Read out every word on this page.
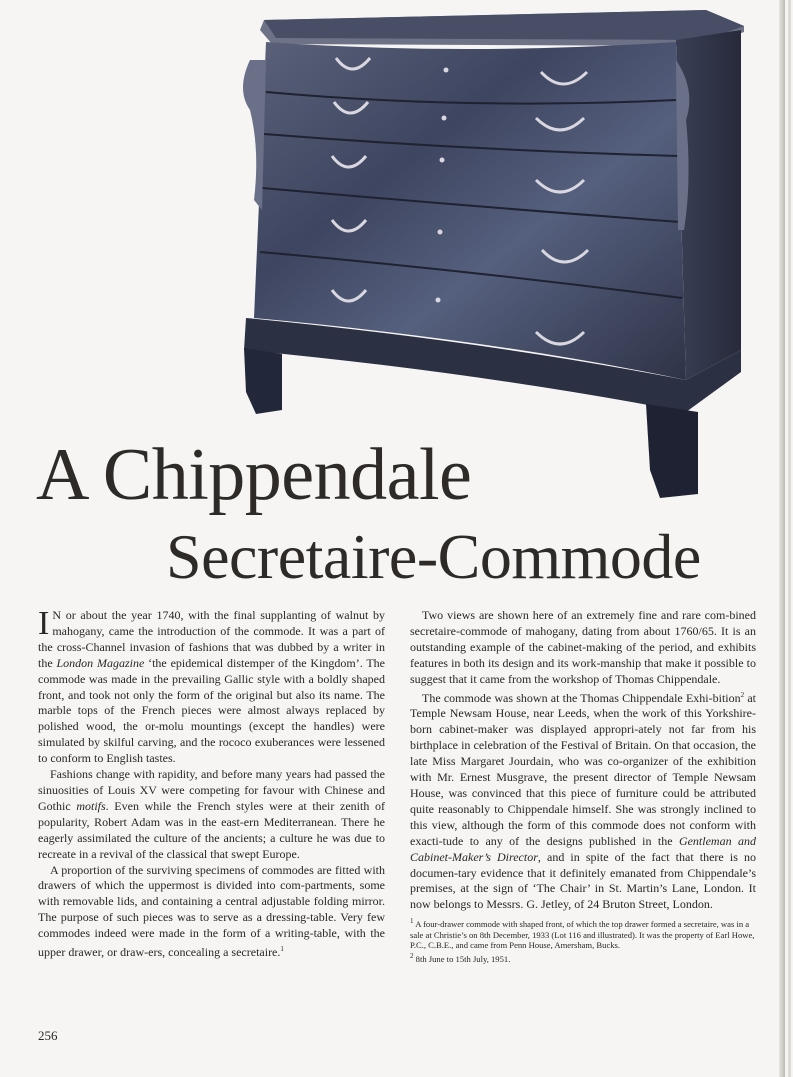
A Chippendale
Secretaire-Commode

I N or about the year 1740, with the final supplanting of walnut by mahogany, came the introduction of the commode. It was a part of the cross-Channel invasion of fashions that was dubbed by a writer in the London Magazine ‘the epidemical distemper of the Kingdom’. The commode was made in the prevailing Gallic style with a boldly shaped front, and took not only the form of the original but also its name. The marble tops of the French pieces were almost always replaced by polished wood, the or-molu mountings (except the handles) were simulated by skilful carving, and the rococo exuberances were lessened to conform to English tastes.

Fashions change with rapidity, and before many years had passed the sinuosities of Louis XV were competing for favour with Chinese and Gothic motifs. Even while the French styles were at their zenith of popularity, Robert Adam was in the east-ern Mediterranean. There he eagerly assimilated the culture of the ancients; a culture he was due to recreate in a revival of the classical that swept Europe.

A proportion of the surviving specimens of commodes are fitted with drawers of which the uppermost is divided into com-partments, some with removable lids, and containing a central adjustable folding mirror. The purpose of such pieces was to serve as a dressing-table. Very few commodes indeed were made in the form of a writing-table, with the upper drawer, or draw-ers, concealing a secretaire.$^1$

Two views are shown here of an extremely fine and rare com-bined secretaire-commode of mahogany, dating from about 1760/65. It is an outstanding example of the cabinet-making of the period, and exhibits features in both its design and its work-manship that make it possible to suggest that it came from the workshop of Thomas Chippendale.

The commode was shown at the Thomas Chippendale Exhi-bition$^2$ at Temple Newsam House, near Leeds, when the work of this Yorkshire-born cabinet-maker was displayed appropri-ately not far from his birthplace in celebration of the Festival of Britain. On that occasion, the late Miss Margaret Jourdain, who was co-organizer of the exhibition with Mr. Ernest Musgrave, the present director of Temple Newsam House, was convinced that this piece of furniture could be attributed quite reasonably to Chippendale himself. She was strongly inclined to this view, although the form of this commode does not conform with exacti-tude to any of the designs published in the Gentleman and Cabinet-Maker’s Director, and in spite of the fact that there is no documen-tary evidence that it definitely emanated from Chippendale’s premises, at the sign of ‘The Chair’ in St. Martin’s Lane, London. It now belongs to Messrs. G. Jetley, of 24 Bruton Street, London.

$^1$ A four-drawer commode with shaped front, of which the top drawer formed a secretaire, was in a sale at Christie’s on 8th December, 1933 (Lot 116 and illustrated). It was the property of Earl Howe, P.C., C.B.E., and came from Penn House, Amersham, Bucks.

$^2$ 8th June to 15th July, 1951.

256
